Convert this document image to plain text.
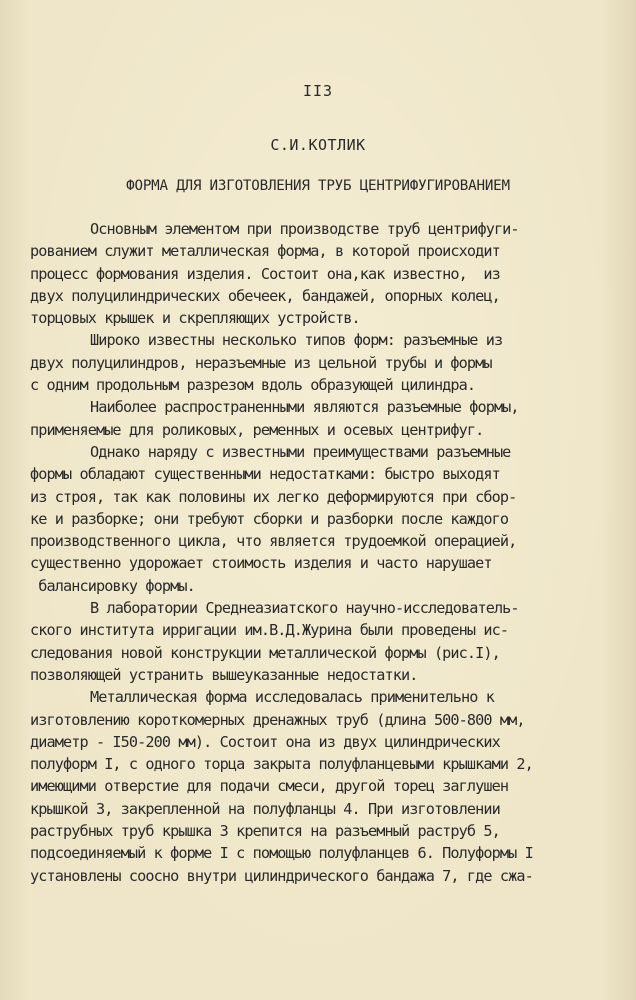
II3
С.И.КОТЛИК
ФОРМА ДЛЯ ИЗГОТОВЛЕНИЯ ТРУБ ЦЕНТРИФУГИРОВАНИЕМ
Основным элементом при производстве труб центрифуги-
рованием служит металлическая форма, в которой происходит
процесс формования изделия. Состоит она,как известно,  из
двух полуцилиндрических обечеек, бандажей, опорных колец,
торцовых крышек и скрепляющих устройств.
Широко известны несколько типов форм: разъемные из
двух полуцилиндров, неразъемные из цельной трубы и формы
с одним продольным разрезом вдоль образующей цилиндра.
Наиболее распространенными являются разъемные формы,
применяемые для роликовых, ременных и осевых центрифуг.
Однако наряду с известными преимуществами разъемные
формы обладают существенными недостатками: быстро выходят
из строя, так как половины их легко деформируются при сбор-
ке и разборке; они требуют сборки и разборки после каждого
производственного цикла, что является трудоемкой операцией,
существенно удорожает стоимость изделия и часто нарушает
балансировку формы.
В лаборатории Среднеазиатского научно-исследователь-
ского института ирригации им.В.Д.Журина были проведены ис-
следования новой конструкции металлической формы (рис.I),
позволяющей устранить вышеуказанные недостатки.
Металлическая форма исследовалась применительно к
изготовлению короткомерных дренажных труб (длина 500-800 мм,
диаметр - I50-200 мм). Состоит она из двух цилиндрических
полуформ I, с одного торца закрыта полуфланцевыми крышками 2,
имеющими отверстие для подачи смеси, другой торец заглушен
крышкой 3, закрепленной на полуфланцы 4. При изготовлении
раструбных труб крышка 3 крепится на разъемный раструб 5,
подсоединяемый к форме I с помощью полуфланцев 6. Полуформы I
установлены соосно внутри цилиндрического бандажа 7, где сжа-
